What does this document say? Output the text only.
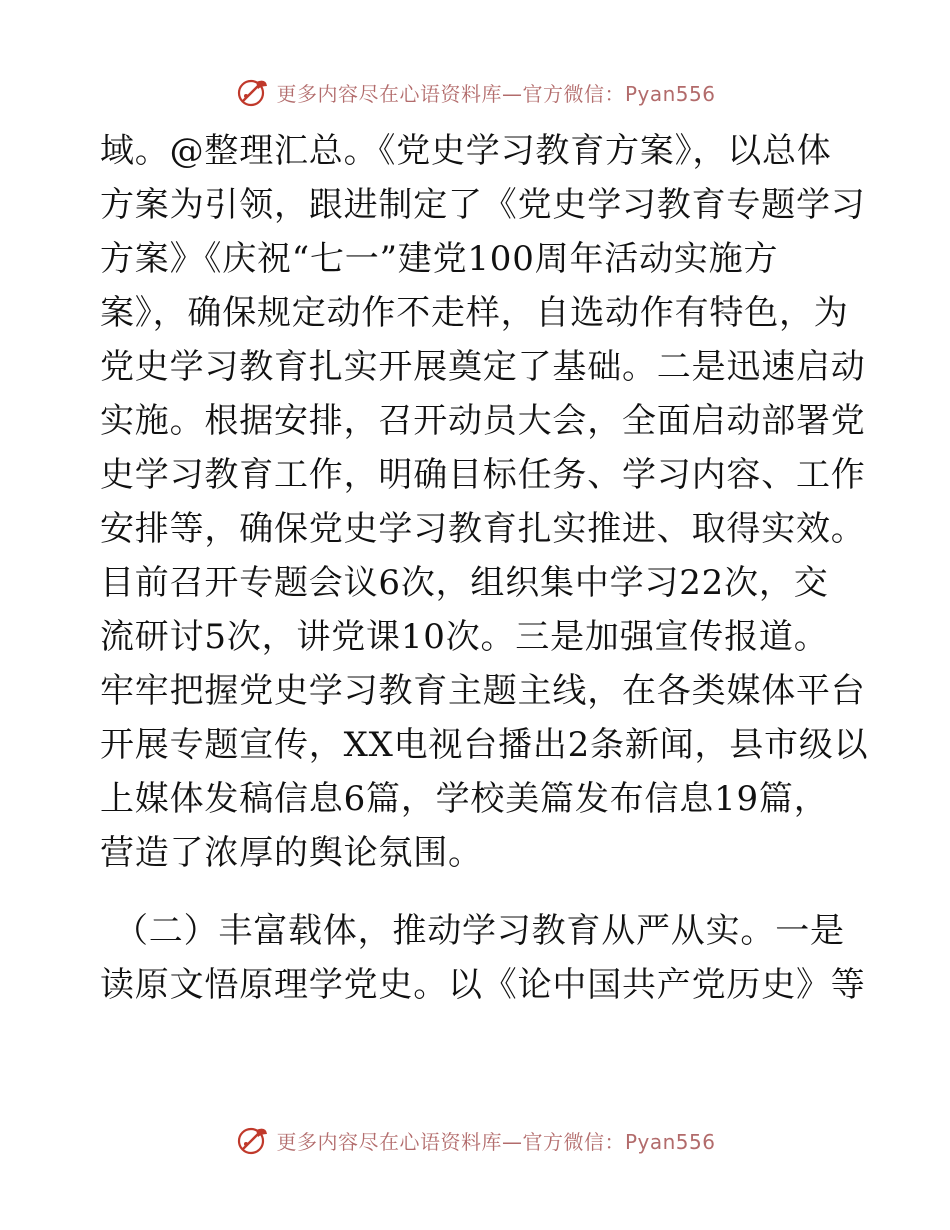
更多内容尽在心语资料库—官方微信：Pyan556
域。@整理汇总。《党史学习教育方案》，以总体
方案为引领，跟进制定了《党史学习教育专题学习
方案》《庆祝“七一”建党100周年活动实施方
案》，确保规定动作不走样，自选动作有特色，为
党史学习教育扎实开展奠定了基础。二是迅速启动
实施。根据安排，召开动员大会，全面启动部署党
史学习教育工作，明确目标任务、学习内容、工作
安排等，确保党史学习教育扎实推进、取得实效。
目前召开专题会议6次，组织集中学习22次，交
流研讨5次，讲党课10次。三是加强宣传报道。
牢牢把握党史学习教育主题主线，在各类媒体平台
开展专题宣传，XX电视台播出2条新闻，县市级以
上媒体发稿信息6篇，学校美篇发布信息19篇，
营造了浓厚的舆论氛围。
（二）丰富载体，推动学习教育从严从实。一是
读原文悟原理学党史。以《论中国共产党历史》等
更多内容尽在心语资料库—官方微信：Pyan556
